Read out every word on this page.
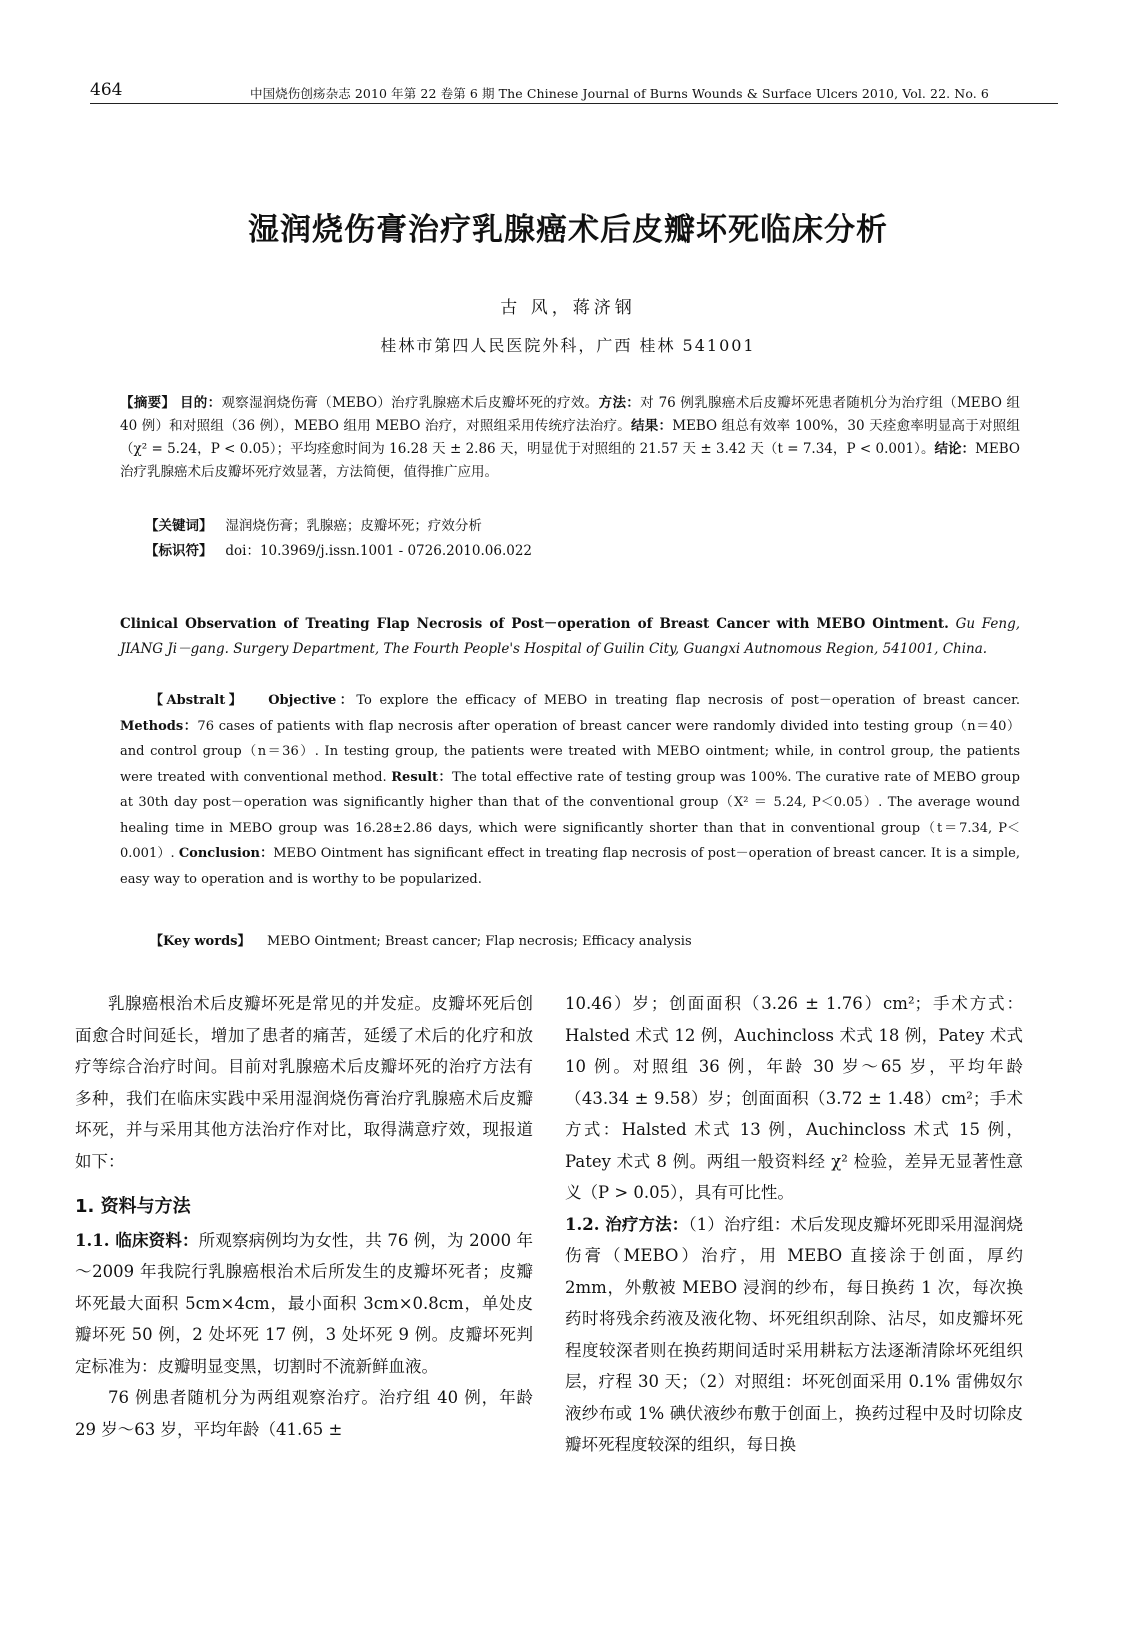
464	中国烧伤创疡杂志 2010 年第 22 卷第 6 期 The Chinese Journal of Burns Wounds & Surface Ulcers 2010, Vol. 22. No. 6
湿润烧伤膏治疗乳腺癌术后皮瓣坏死临床分析
古 风，蒋济钢
桂林市第四人民医院外科，广西 桂林 541001
【摘要】 目的：观察湿润烧伤膏（MEBO）治疗乳腺癌术后皮瓣坏死的疗效。方法：对 76 例乳腺癌术后皮瓣坏死患者随机分为治疗组（MEBO 组 40 例）和对照组（36 例），MEBO 组用 MEBO 治疗，对照组采用传统疗法治疗。结果：MEBO 组总有效率 100%，30 天痊愈率明显高于对照组（χ² = 5.24，P < 0.05）；平均痊愈时间为 16.28 天 ± 2.86 天，明显优于对照组的 21.57 天 ± 3.42 天（t = 7.34，P < 0.001）。结论：MEBO 治疗乳腺癌术后皮瓣坏死疗效显著，方法简便，值得推广应用。
【关键词】 湿润烧伤膏；乳腺癌；皮瓣坏死；疗效分析
【标识符】 doi：10.3969/j.issn.1001 - 0726.2010.06.022
Clinical Observation of Treating Flap Necrosis of Post－operation of Breast Cancer with MEBO Ointment. Gu Feng, JIANG Ji－gang. Surgery Department, The Fourth People's Hospital of Guilin City, Guangxi Autnomous Region, 541001, China.
【Abstralt】 Objective：To explore the efficacy of MEBO in treating flap necrosis of post－operation of breast cancer. Methods：76 cases of patients with flap necrosis after operation of breast cancer were randomly divided into testing group（n＝40）and control group（n＝36）. In testing group, the patients were treated with MEBO ointment; while, in control group, the patients were treated with conventional method. Result：The total effective rate of testing group was 100%. The curative rate of MEBO group at 30th day post－operation was significantly higher than that of the conventional group（X² ＝ 5.24, P＜0.05）. The average wound healing time in MEBO group was 16.28±2.86 days, which were significantly shorter than that in conventional group（t＝7.34, P＜0.001）. Conclusion：MEBO Ointment has significant effect in treating flap necrosis of post－operation of breast cancer. It is a simple, easy way to operation and is worthy to be popularized.
【Key words】 MEBO Ointment; Breast cancer; Flap necrosis; Efficacy analysis

乳腺癌根治术后皮瓣坏死是常见的并发症。皮瓣坏死后创面愈合时间延长，增加了患者的痛苦，延缓了术后的化疗和放疗等综合治疗时间。目前对乳腺癌术后皮瓣坏死的治疗方法有多种，我们在临床实践中采用湿润烧伤膏治疗乳腺癌术后皮瓣坏死，并与采用其他方法治疗作对比，取得满意疗效，现报道如下：

1. 资料与方法

1.1. 临床资料：所观察病例均为女性，共 76 例，为 2000 年～2009 年我院行乳腺癌根治术后所发生的皮瓣坏死者；皮瓣坏死最大面积 5cm×4cm，最小面积 3cm×0.8cm，单处皮瓣坏死 50 例，2 处坏死 17 例，3 处坏死 9 例。皮瓣坏死判定标准为：皮瓣明显变黑，切割时不流新鲜血液。

76 例患者随机分为两组观察治疗。治疗组 40 例，年龄 29 岁～63 岁，平均年龄（41.65 ±

10.46）岁；创面面积（3.26 ± 1.76）cm²；手术方式：Halsted 术式 12 例，Auchincloss 术式 18 例，Patey 术式 10 例。对照组 36 例，年龄 30 岁～65 岁，平均年龄（43.34 ± 9.58）岁；创面面积（3.72 ± 1.48）cm²；手术方式：Halsted 术式 13 例，Auchincloss 术式 15 例，Patey 术式 8 例。两组一般资料经 χ² 检验，差异无显著性意义（P > 0.05），具有可比性。

1.2. 治疗方法：（1）治疗组：术后发现皮瓣坏死即采用湿润烧伤膏（MEBO）治疗，用 MEBO 直接涂于创面，厚约 2mm，外敷被 MEBO 浸润的纱布，每日换药 1 次，每次换药时将残余药液及液化物、坏死组织刮除、沾尽，如皮瓣坏死程度较深者则在换药期间适时采用耕耘方法逐渐清除坏死组织层，疗程 30 天；（2）对照组：坏死创面采用 0.1% 雷佛奴尔液纱布或 1% 碘伏液纱布敷于创面上，换药过程中及时切除皮瓣坏死程度较深的组织，每日换
